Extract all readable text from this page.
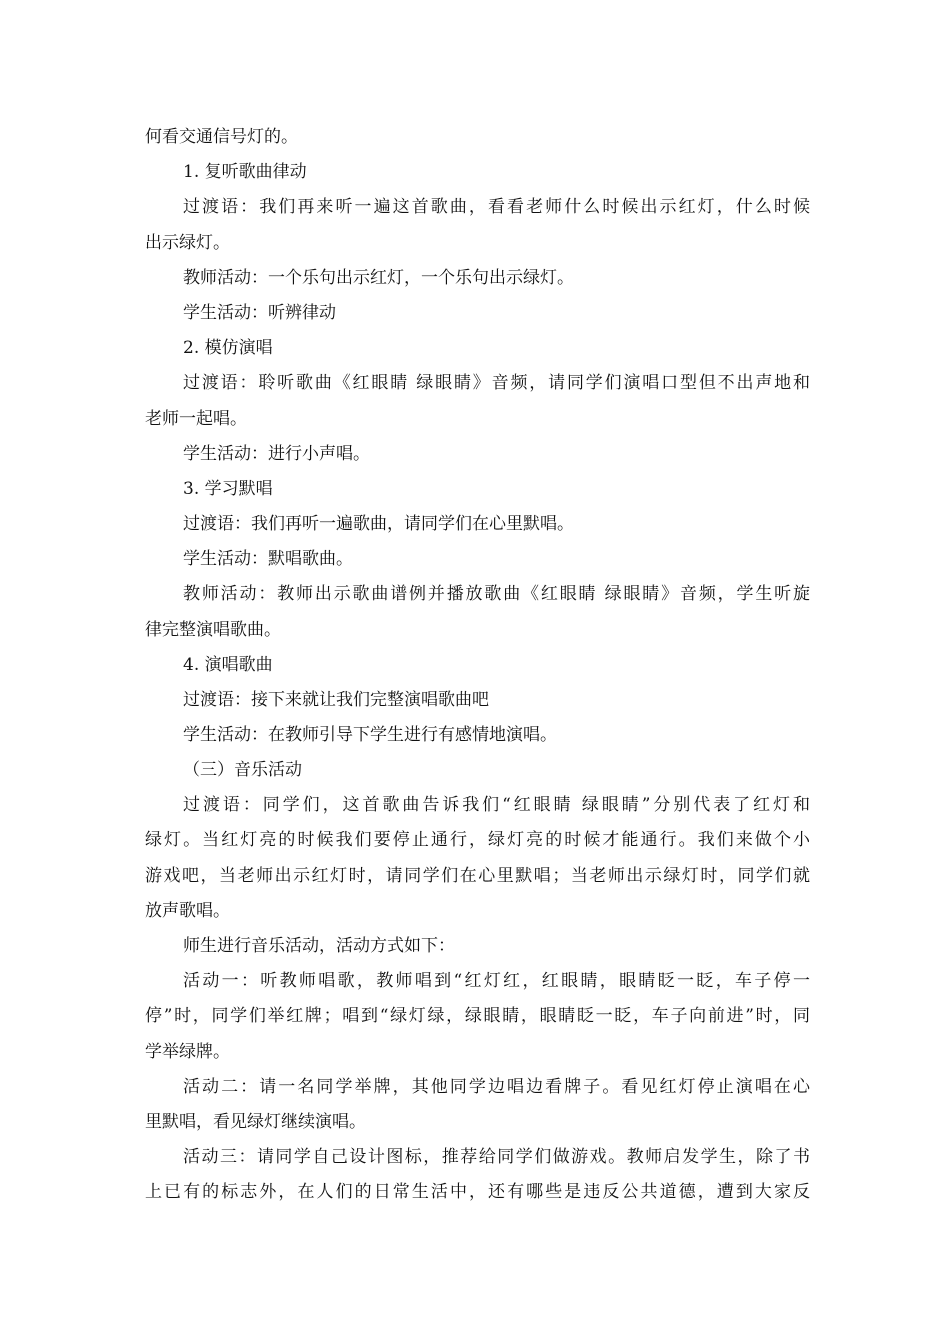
何看交通信号灯的。
1. 复听歌曲律动
过渡语：我们再来听一遍这首歌曲，看看老师什么时候出示红灯，什么时候
出示绿灯。
教师活动：一个乐句出示红灯，一个乐句出示绿灯。
学生活动：听辨律动
2. 模仿演唱
过渡语：聆听歌曲《红眼睛 绿眼睛》音频，请同学们演唱口型但不出声地和
老师一起唱。
学生活动：进行小声唱。
3. 学习默唱
过渡语：我们再听一遍歌曲，请同学们在心里默唱。
学生活动：默唱歌曲。
教师活动：教师出示歌曲谱例并播放歌曲《红眼睛 绿眼睛》音频，学生听旋
律完整演唱歌曲。
4. 演唱歌曲
过渡语：接下来就让我们完整演唱歌曲吧
学生活动：在教师引导下学生进行有感情地演唱。
（三）音乐活动
过渡语：同学们，这首歌曲告诉我们“红眼睛 绿眼睛”分别代表了红灯和
绿灯。当红灯亮的时候我们要停止通行，绿灯亮的时候才能通行。我们来做个小
游戏吧，当老师出示红灯时，请同学们在心里默唱；当老师出示绿灯时，同学们就
放声歌唱。
师生进行音乐活动，活动方式如下：
活动一：听教师唱歌，教师唱到“红灯红，红眼睛，眼睛眨一眨，车子停一
停”时，同学们举红牌；唱到“绿灯绿，绿眼睛，眼睛眨一眨，车子向前进”时，同
学举绿牌。
活动二：请一名同学举牌，其他同学边唱边看牌子。看见红灯停止演唱在心
里默唱，看见绿灯继续演唱。
活动三：请同学自己设计图标，推荐给同学们做游戏。教师启发学生，除了书
上已有的标志外，在人们的日常生活中，还有哪些是违反公共道德，遭到大家反
